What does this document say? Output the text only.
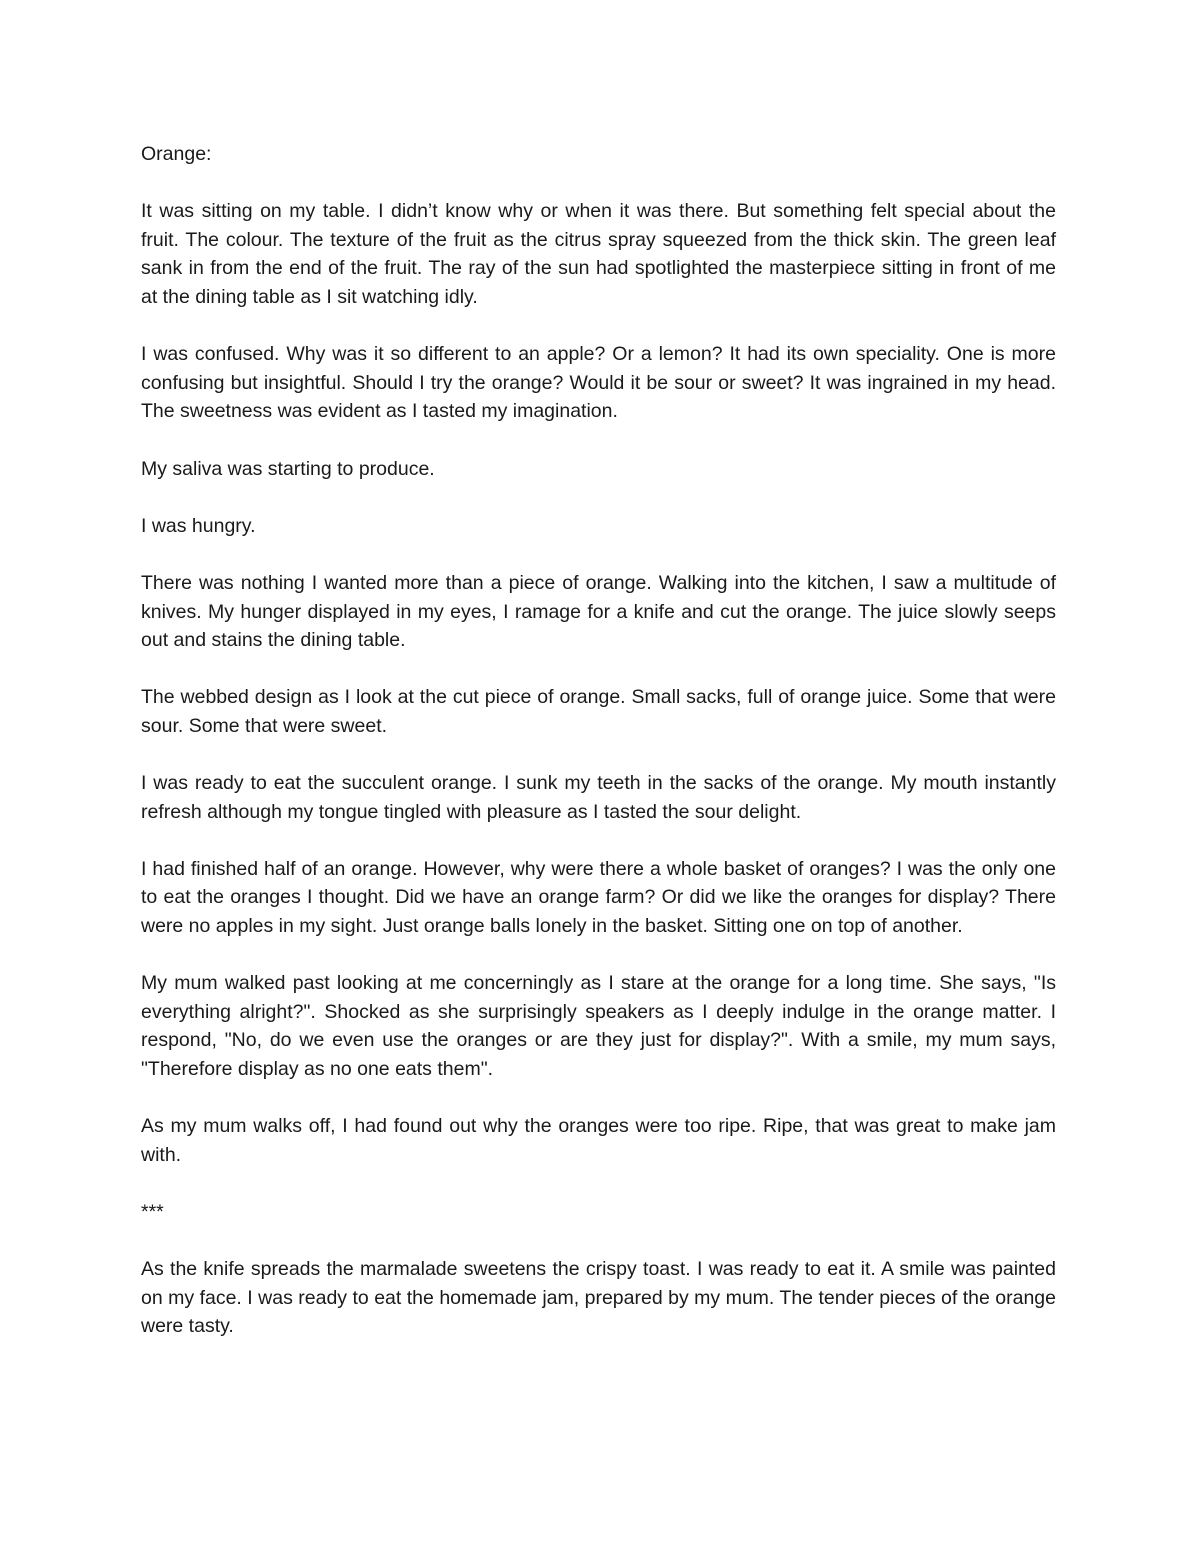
Orange:

It was sitting on my table. I didn’t know why or when it was there. But something felt special about the fruit. The colour. The texture of the fruit as the citrus spray squeezed from the thick skin. The green leaf sank in from the end of the fruit. The ray of the sun had spotlighted the masterpiece sitting in front of me at the dining table as I sit watching idly.

I was confused. Why was it so different to an apple? Or a lemon? It had its own speciality. One is more confusing but insightful. Should I try the orange? Would it be sour or sweet? It was ingrained in my head. The sweetness was evident as I tasted my imagination.

My saliva was starting to produce.

I was hungry.

There was nothing I wanted more than a piece of orange. Walking into the kitchen, I saw a multitude of knives. My hunger displayed in my eyes, I ramage for a knife and cut the orange. The juice slowly seeps out and stains the dining table.

The webbed design as I look at the cut piece of orange. Small sacks, full of orange juice. Some that were sour. Some that were sweet.

I was ready to eat the succulent orange. I sunk my teeth in the sacks of the orange. My mouth instantly refresh although my tongue tingled with pleasure as I tasted the sour delight.

I had finished half of an orange. However, why were there a whole basket of oranges? I was the only one to eat the oranges I thought. Did we have an orange farm? Or did we like the oranges for display? There were no apples in my sight. Just orange balls lonely in the basket. Sitting one on top of another.

My mum walked past looking at me concerningly as I stare at the orange for a long time. She says, "Is everything alright?". Shocked as she surprisingly speakers as I deeply indulge in the orange matter. I respond, "No, do we even use the oranges or are they just for display?". With a smile, my mum says, "Therefore display as no one eats them".

As my mum walks off, I had found out why the oranges were too ripe. Ripe, that was great to make jam with.

***

As the knife spreads the marmalade sweetens the crispy toast. I was ready to eat it. A smile was painted on my face. I was ready to eat the homemade jam, prepared by my mum. The tender pieces of the orange were tasty.
